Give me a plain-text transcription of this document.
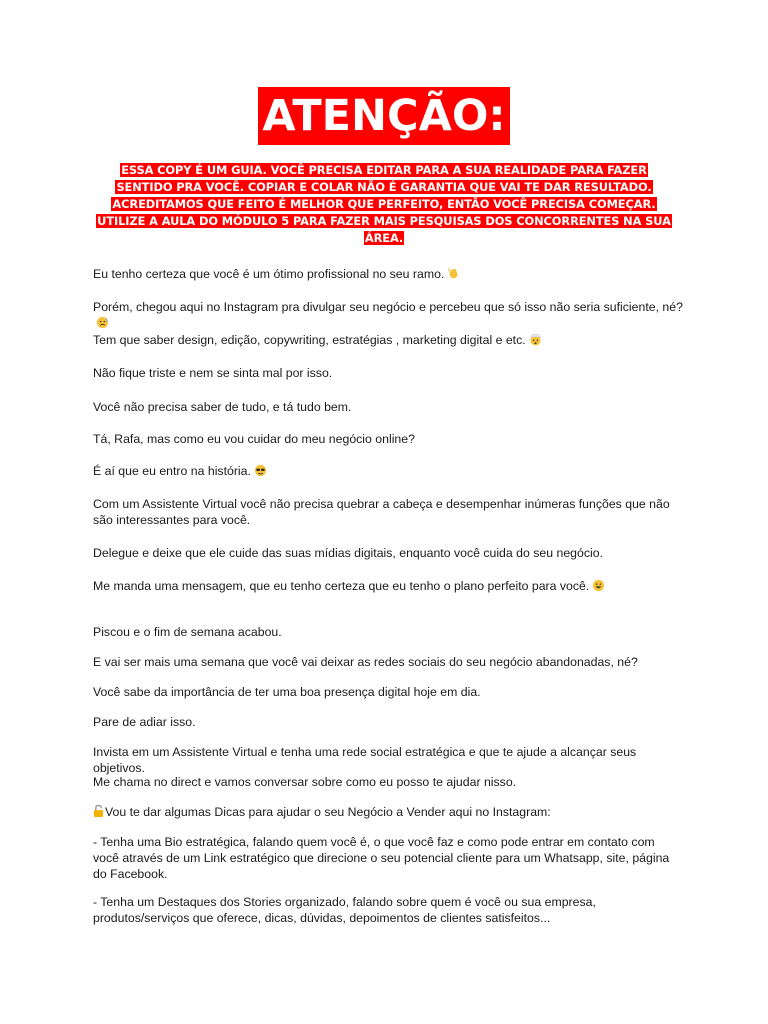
ATENÇÃO:
ESSA COPY É UM GUIA. VOCÊ PRECISA EDITAR PARA A SUA REALIDADE PARA FAZER SENTIDO PRA VOCÊ. COPIAR E COLAR NÃO É GARANTIA QUE VAI TE DAR RESULTADO. ACREDITAMOS QUE FEITO É MELHOR QUE PERFEITO, ENTÃO VOCÊ PRECISA COMEÇAR. UTILIZE A AULA DO MÓDULO 5 PARA FAZER MAIS PESQUISAS DOS CONCORRENTES NA SUA ÁREA.

Eu tenho certeza que você é um ótimo profissional no seu ramo.

Porém, chegou aqui no Instagram pra divulgar seu negócio e percebeu que só isso não seria suficiente, né?

Tem que saber design, edição, copywriting, estratégias , marketing digital e etc.

Não fique triste e nem se sinta mal por isso.

Você não precisa saber de tudo, e tá tudo bem.

Tá, Rafa, mas como eu vou cuidar do meu negócio online?

É aí que eu entro na história.

Com um Assistente Virtual você não precisa quebrar a cabeça e desempenhar inúmeras funções que não são interessantes para você.

Delegue e deixe que ele cuide das suas mídias digitais, enquanto você cuida do seu negócio.

Me manda uma mensagem, que eu tenho certeza que eu tenho o plano perfeito para você.

Piscou e o fim de semana acabou.

E vai ser mais uma semana que você vai deixar as redes sociais do seu negócio abandonadas, né?

Você sabe da importância de ter uma boa presença digital hoje em dia.

Pare de adiar isso.

Invista em um Assistente Virtual e tenha uma rede social estratégica e que te ajude a alcançar seus objetivos.

Me chama no direct e vamos conversar sobre como eu posso te ajudar nisso.

Vou te dar algumas Dicas para ajudar o seu Negócio a Vender aqui no Instagram:

- Tenha uma Bio estratégica, falando quem você é, o que você faz e como pode entrar em contato com você através de um Link estratégico que direcione o seu potencial cliente para um Whatsapp, site, página do Facebook.

- Tenha um Destaques dos Stories organizado, falando sobre quem é você ou sua empresa, produtos/serviços que oferece, dicas, dúvidas, depoimentos de clientes satisfeitos...
